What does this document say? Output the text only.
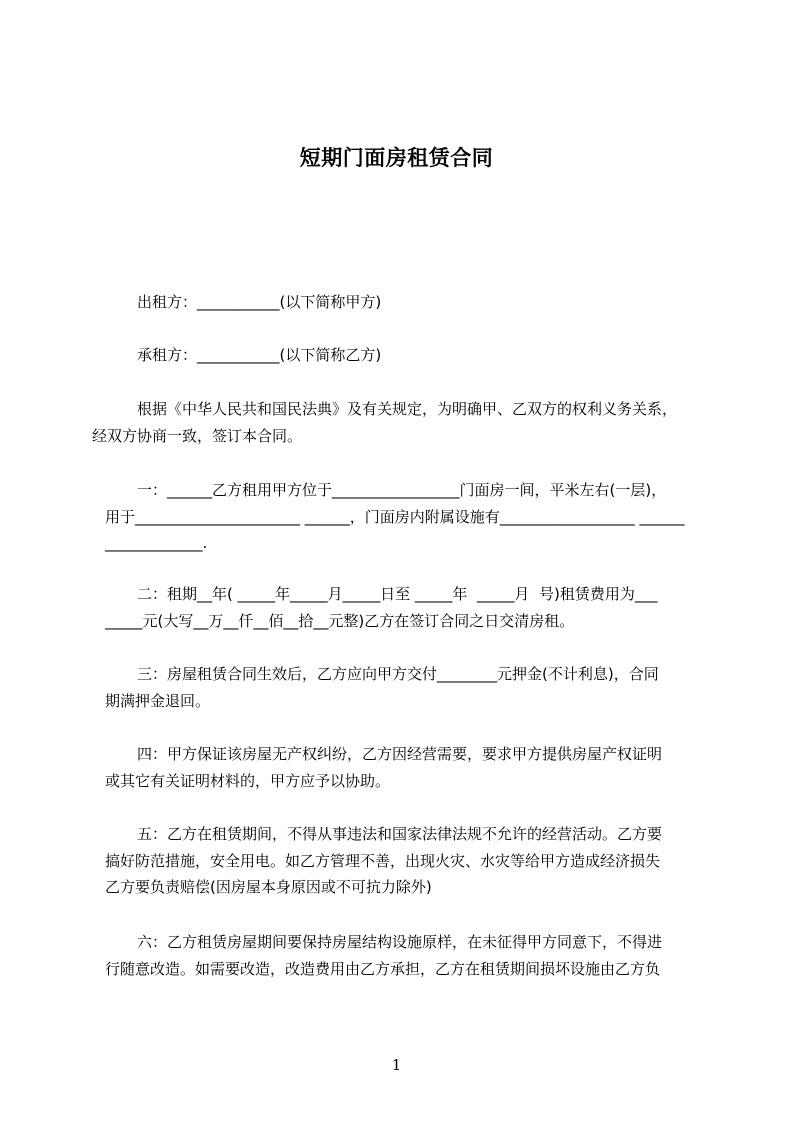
短期门面房租赁合同
出租方：___________(以下简称甲方)
承租方：___________(以下简称乙方)
根据《中华人民共和国民法典》及有关规定，为明确甲、乙双方的权利义务关系，
经双方协商一致，签订本合同。
一：______乙方租用甲方位于_________________门面房一间，平米左右(一层)，
用于______________________ ______，门面房内附属设施有__________________ ______
_____________.
二：租期__年( _____年_____月_____日至 _____年  _____月  号)租赁费用为___
_____元(大写__万__仟__佰__拾__元整)乙方在签订合同之日交清房租。
三：房屋租赁合同生效后，乙方应向甲方交付________元押金(不计利息)，合同
期满押金退回。
四：甲方保证该房屋无产权纠纷，乙方因经营需要，要求甲方提供房屋产权证明
或其它有关证明材料的，甲方应予以协助。
五：乙方在租赁期间，不得从事违法和国家法律法规不允许的经营活动。乙方要
搞好防范措施，安全用电。如乙方管理不善，出现火灾、水灾等给甲方造成经济损失
乙方要负责赔偿(因房屋本身原因或不可抗力除外)
六：乙方租赁房屋期间要保持房屋结构设施原样，在未征得甲方同意下，不得进
行随意改造。如需要改造，改造费用由乙方承担，乙方在租赁期间损坏设施由乙方负
1
